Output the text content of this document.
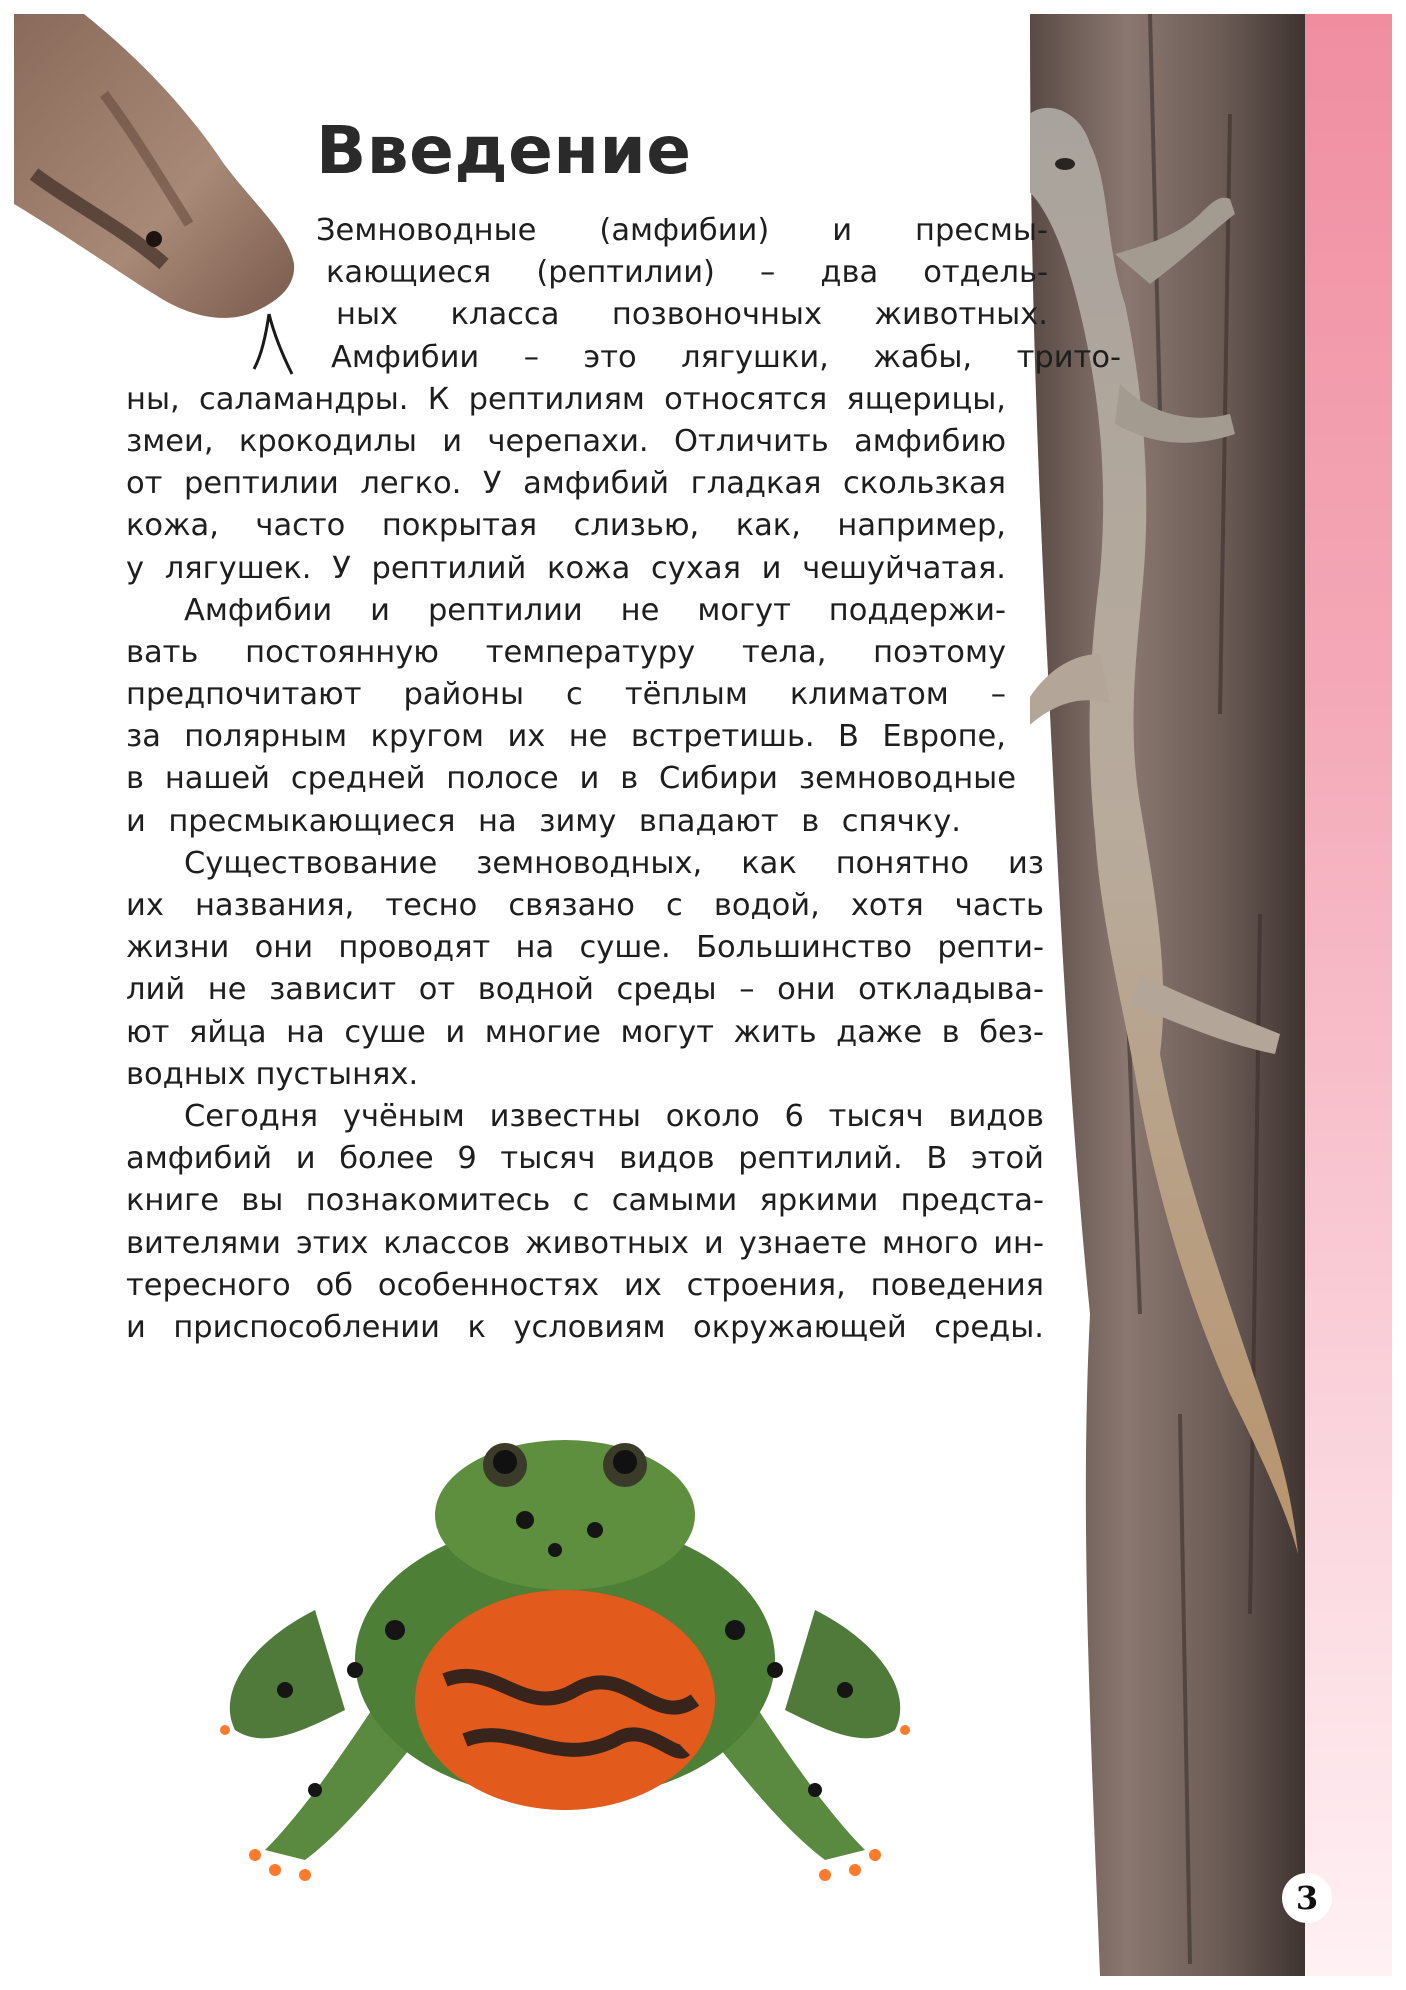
Введение
Земноводные (амфибии) и пресмы-
кающиеся (рептилии) – два отдель-
ных класса позвоночных животных.
Амфибии – это лягушки, жабы, трито-
ны, саламандры. К рептилиям относятся ящерицы,
змеи, крокодилы и черепахи. Отличить амфибию
от рептилии легко. У амфибий гладкая скользкая
кожа, часто покрытая слизью, как, например,
у лягушек. У рептилий кожа сухая и чешуйчатая.
Амфибии и рептилии не могут поддержи-
вать постоянную температуру тела, поэтому
предпочитают районы с тёплым климатом –
за полярным кругом их не встретишь. В Европе,
в нашей средней полосе и в Сибири земноводные
и пресмыкающиеся на зиму впадают в спячку.
Существование земноводных, как понятно из
их названия, тесно связано с водой, хотя часть
жизни они проводят на суше. Большинство репти-
лий не зависит от водной среды – они откладыва-
ют яйца на суше и многие могут жить даже в без-
водных пустынях.
Сегодня учёным известны около 6 тысяч видов
амфибий и более 9 тысяч видов рептилий. В этой
книге вы познакомитесь с самыми яркими предста-
вителями этих классов животных и узнаете много ин-
тересного об особенностях их строения, поведения
и приспособлении к условиям окружающей среды.
3
